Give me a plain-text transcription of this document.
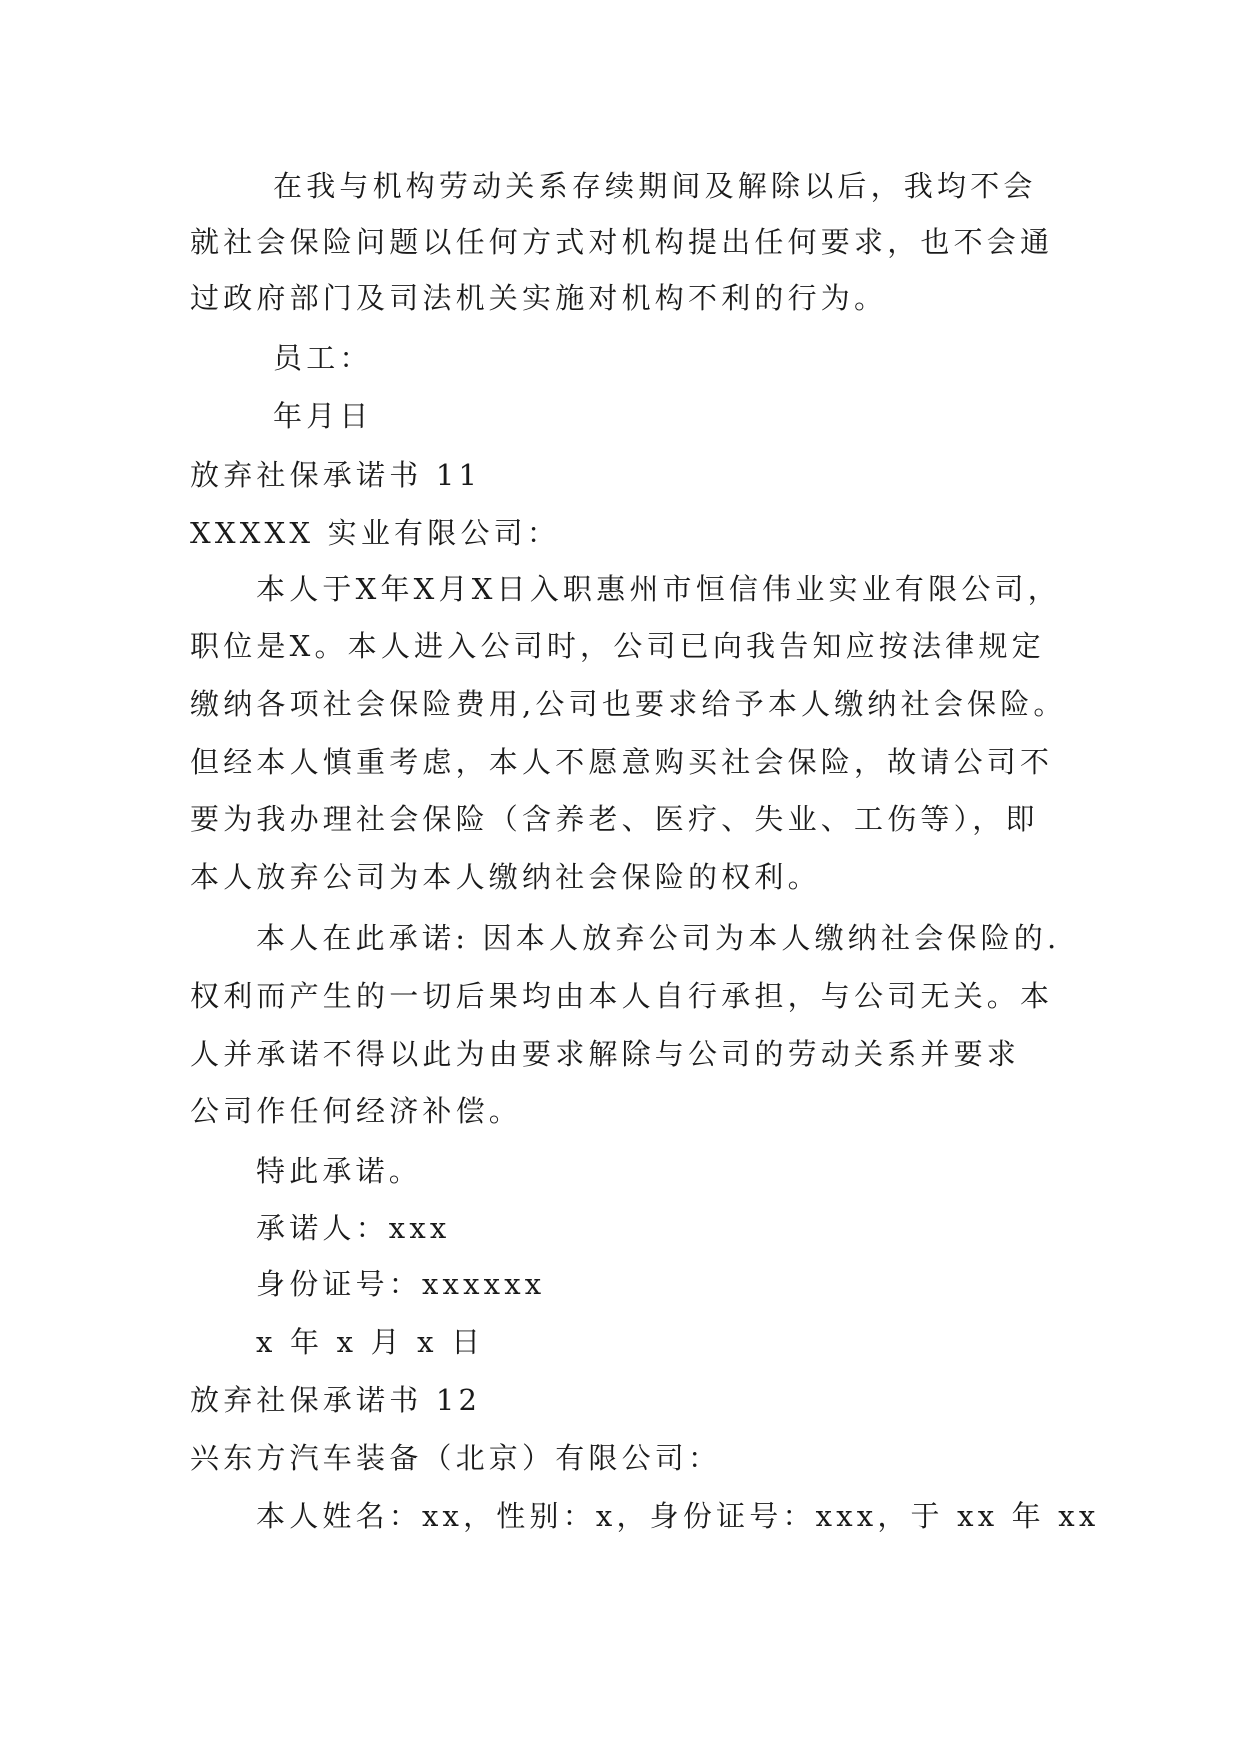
在我与机构劳动关系存续期间及解除以后，我均不会
就社会保险问题以任何方式对机构提出任何要求，也不会通
过政府部门及司法机关实施对机构不利的行为。
员工：
年月日
放弃社保承诺书 11
XXXXX 实业有限公司：
本人于X年X月X日入职惠州市恒信伟业实业有限公司，
职位是X。本人进入公司时，公司已向我告知应按法律规定
缴纳各项社会保险费用,公司也要求给予本人缴纳社会保险。
但经本人慎重考虑，本人不愿意购买社会保险，故请公司不
要为我办理社会保险（含养老、医疗、失业、工伤等），即
本人放弃公司为本人缴纳社会保险的权利。
本人在此承诺: 因本人放弃公司为本人缴纳社会保险的.
权利而产生的一切后果均由本人自行承担，与公司无关。本
人并承诺不得以此为由要求解除与公司的劳动关系并要求
公司作任何经济补偿。
特此承诺。
承诺人：xxx
身份证号：xxxxxx
x 年 x 月 x 日
放弃社保承诺书 12
兴东方汽车装备（北京）有限公司：
本人姓名：xx，性别：x，身份证号：xxx，于 xx 年 xx
